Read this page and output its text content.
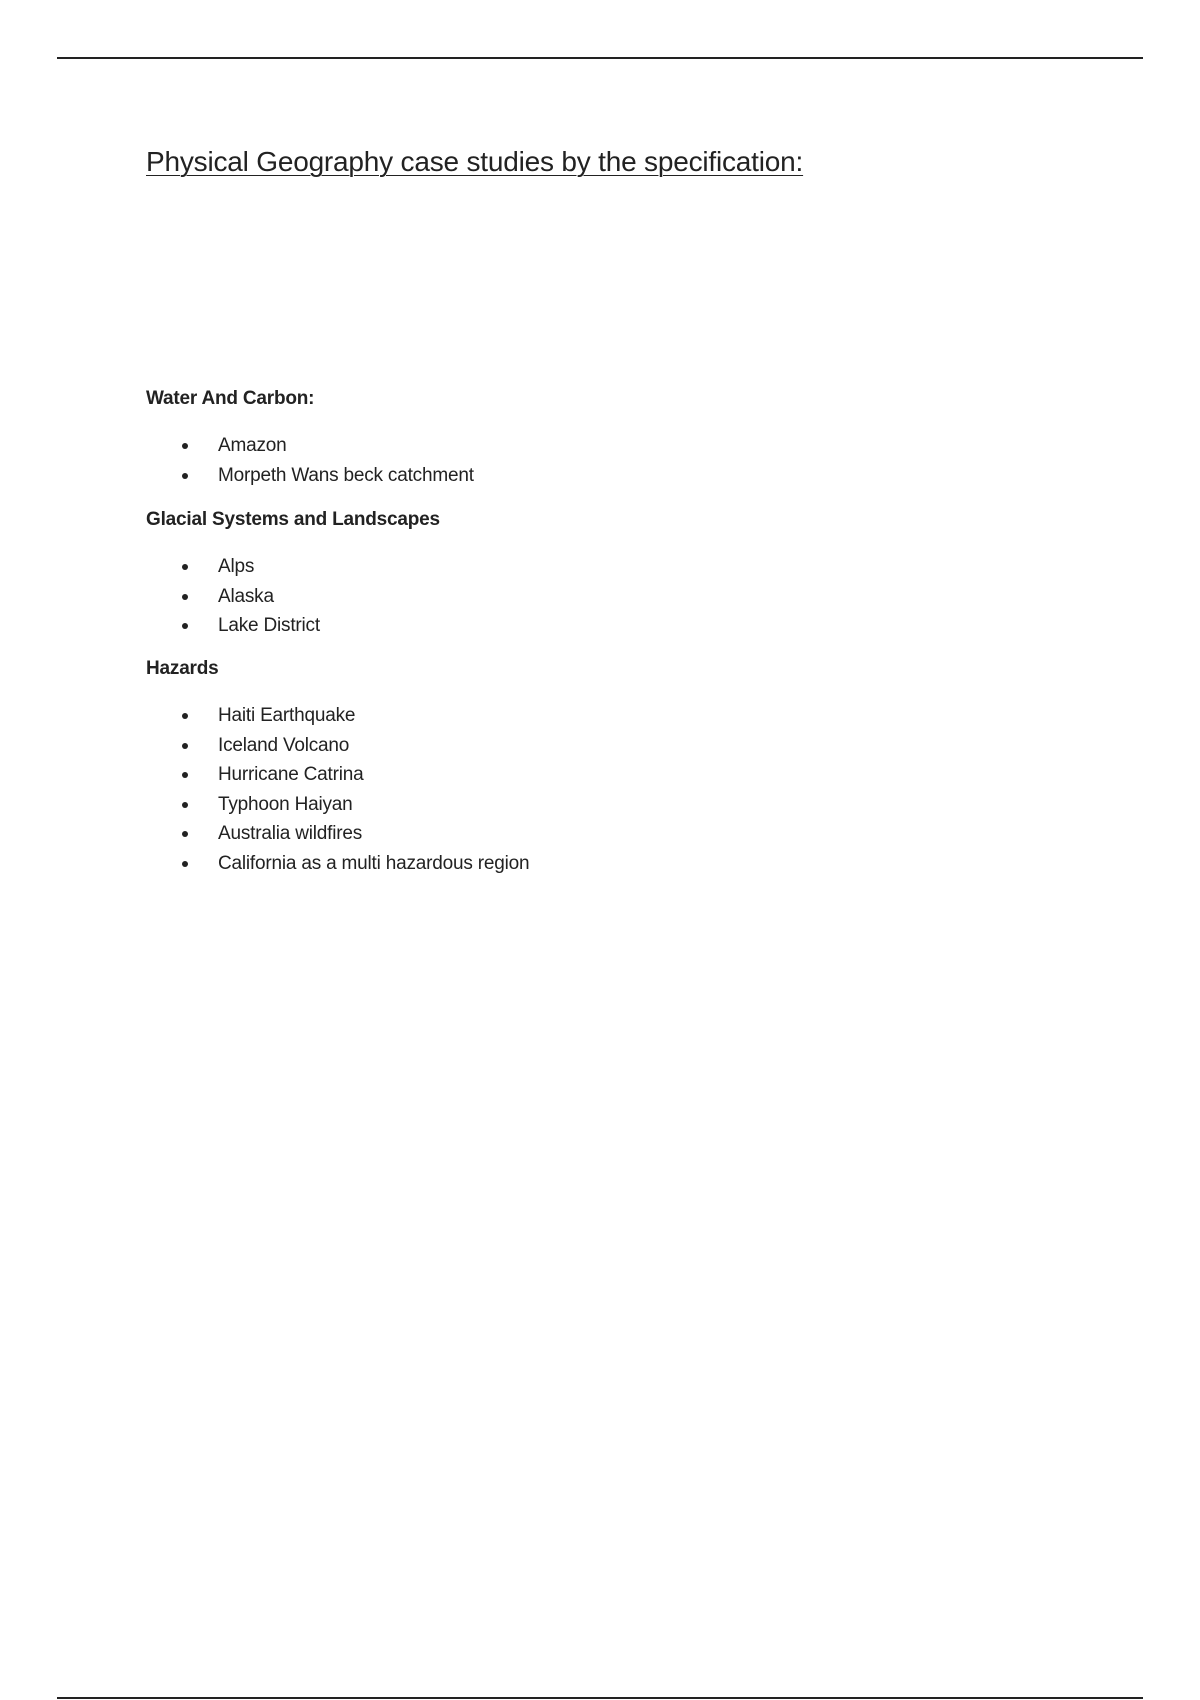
Physical Geography case studies by the specification:
Water And Carbon:
Amazon
Morpeth Wans beck catchment
Glacial Systems and Landscapes
Alps
Alaska
Lake District
Hazards
Haiti Earthquake
Iceland Volcano
Hurricane Catrina
Typhoon Haiyan
Australia wildfires
California as a multi hazardous region
